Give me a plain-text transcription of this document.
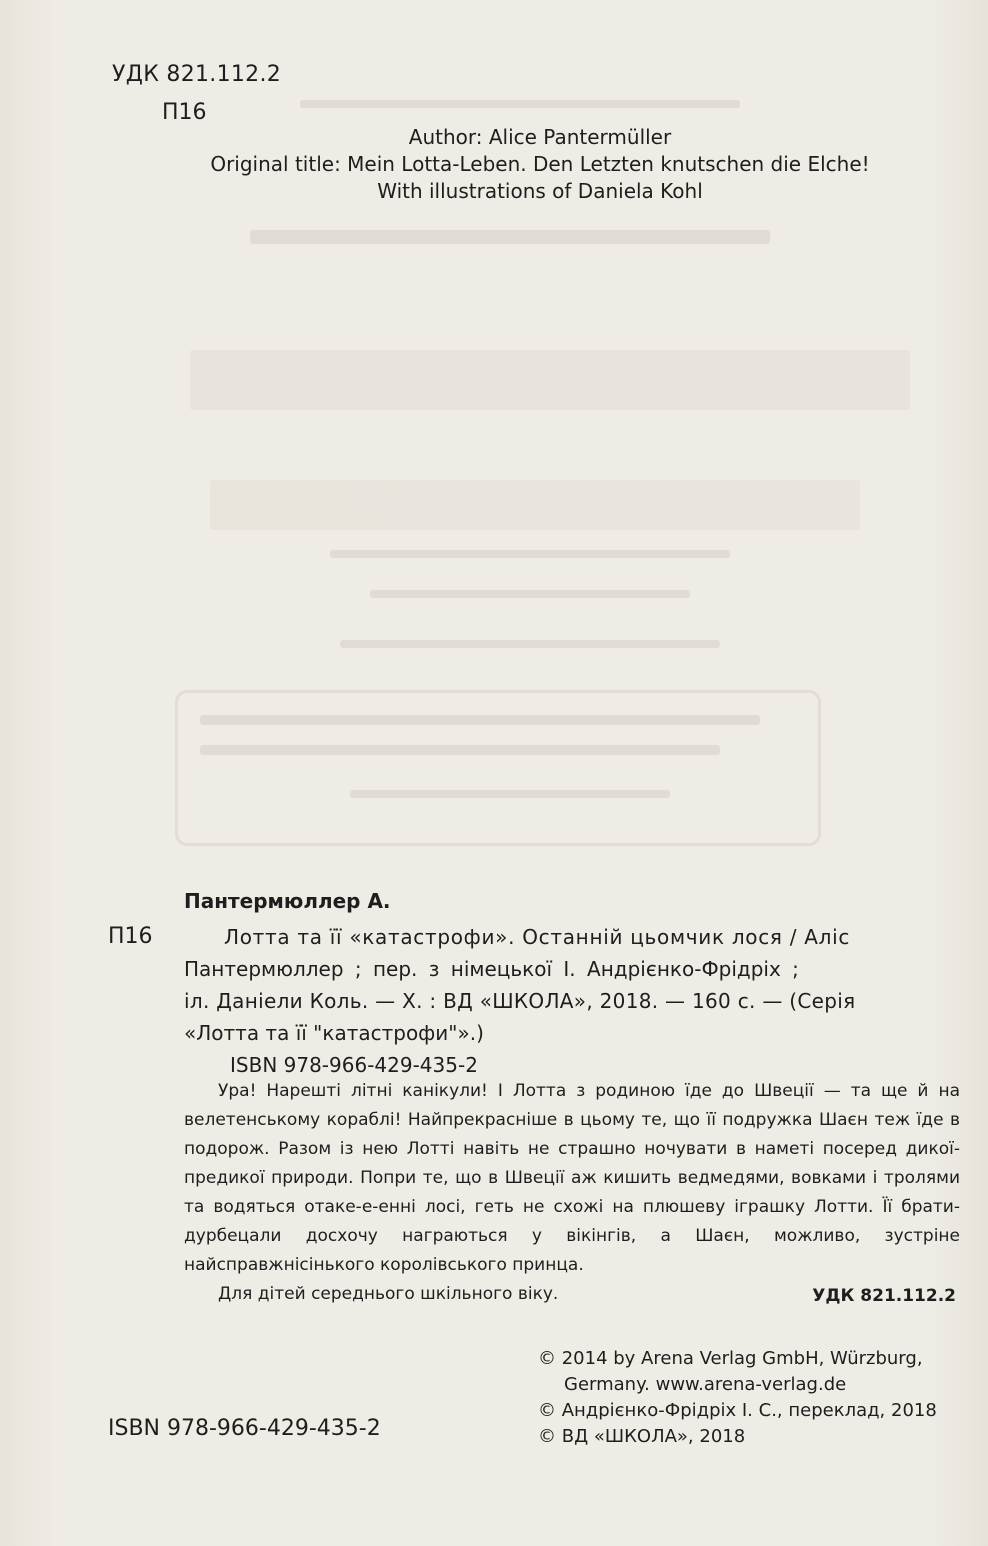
УДК 821.112.2
П16
Author: Alice Pantermüller
Original title: Mein Lotta-Leben. Den Letzten knutschen die Elche!
With illustrations of Daniela Kohl
Пантермюллер А.
П16	Лотта та її «катастрофи». Останній цьомчик лося / Аліс
Пантермюллер ; пер. з німецької І. Андрієнко-Фрідріх ;
іл. Даніели Коль. — Х. : ВД «ШКОЛА», 2018. — 160 с. — (Серія
«Лотта та її "катастрофи"».)
ISBN 978-966-429-435-2
Ура! Нарешті літні канікули! І Лотта з родиною їде до Швеції — та ще й на велетенському кораблі! Найпрекрасніше в цьому те, що її подружка Шаєн теж їде в подорож. Разом із нею Лотті навіть не страшно ночувати в наметі посеред дикої-предикої природи. Попри те, що в Швеції аж кишить ведмедями, вовками і тролями та водяться отаке-е-енні лосі, геть не схожі на плюшеву іграшку Лотти. Її брати-дурбецали досхочу награються у вікінгів, а Шаєн, можливо, зустріне найсправжнісінького королівського принца.
Для дітей середнього шкільного віку.	УДК 821.112.2
© 2014 by Arena Verlag GmbH, Würzburg,
Germany. www.arena-verlag.de
© Андрієнко-Фрідріх І. С., переклад, 2018
© ВД «ШКОЛА», 2018
ISBN 978-966-429-435-2
